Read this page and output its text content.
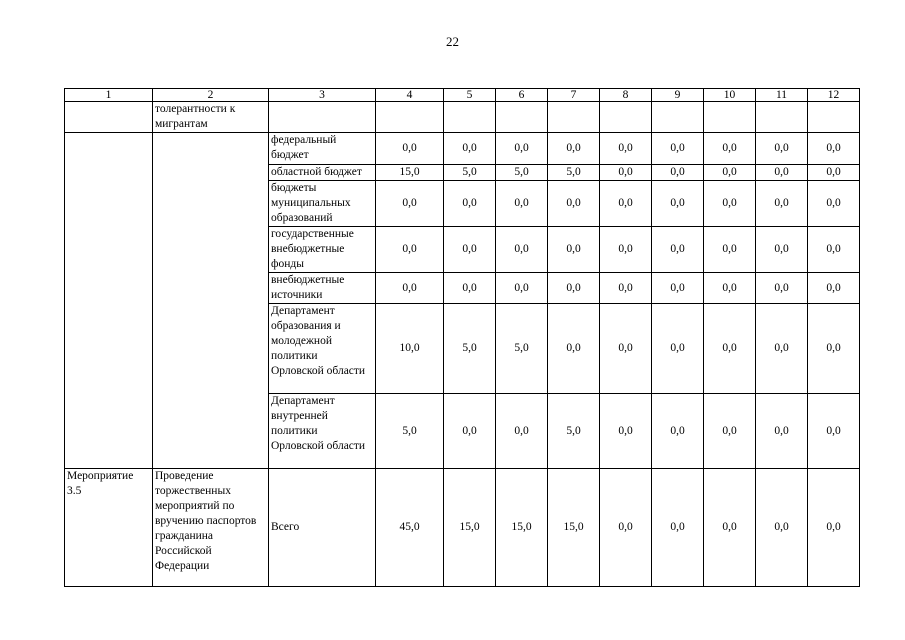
22
1	2	3	4	5	6	7	8	9	10	11	12
	толерантности к мигрантам										
		федеральный бюджет	0,0	0,0	0,0	0,0	0,0	0,0	0,0	0,0	0,0
		областной бюджет	15,0	5,0	5,0	5,0	0,0	0,0	0,0	0,0	0,0
		бюджеты муниципальных образований	0,0	0,0	0,0	0,0	0,0	0,0	0,0	0,0	0,0
		государственные внебюджетные фонды	0,0	0,0	0,0	0,0	0,0	0,0	0,0	0,0	0,0
		внебюджетные источники	0,0	0,0	0,0	0,0	0,0	0,0	0,0	0,0	0,0
		Департамент образования и молодежной политики Орловской области	10,0	5,0	5,0	0,0	0,0	0,0	0,0	0,0	0,0
		Департамент внутренней политики Орловской области	5,0	0,0	0,0	5,0	0,0	0,0	0,0	0,0	0,0
Мероприятие 3.5	Проведение торжественных мероприятий по вручению паспортов гражданина Российской Федерации	Всего	45,0	15,0	15,0	15,0	0,0	0,0	0,0	0,0	0,0
